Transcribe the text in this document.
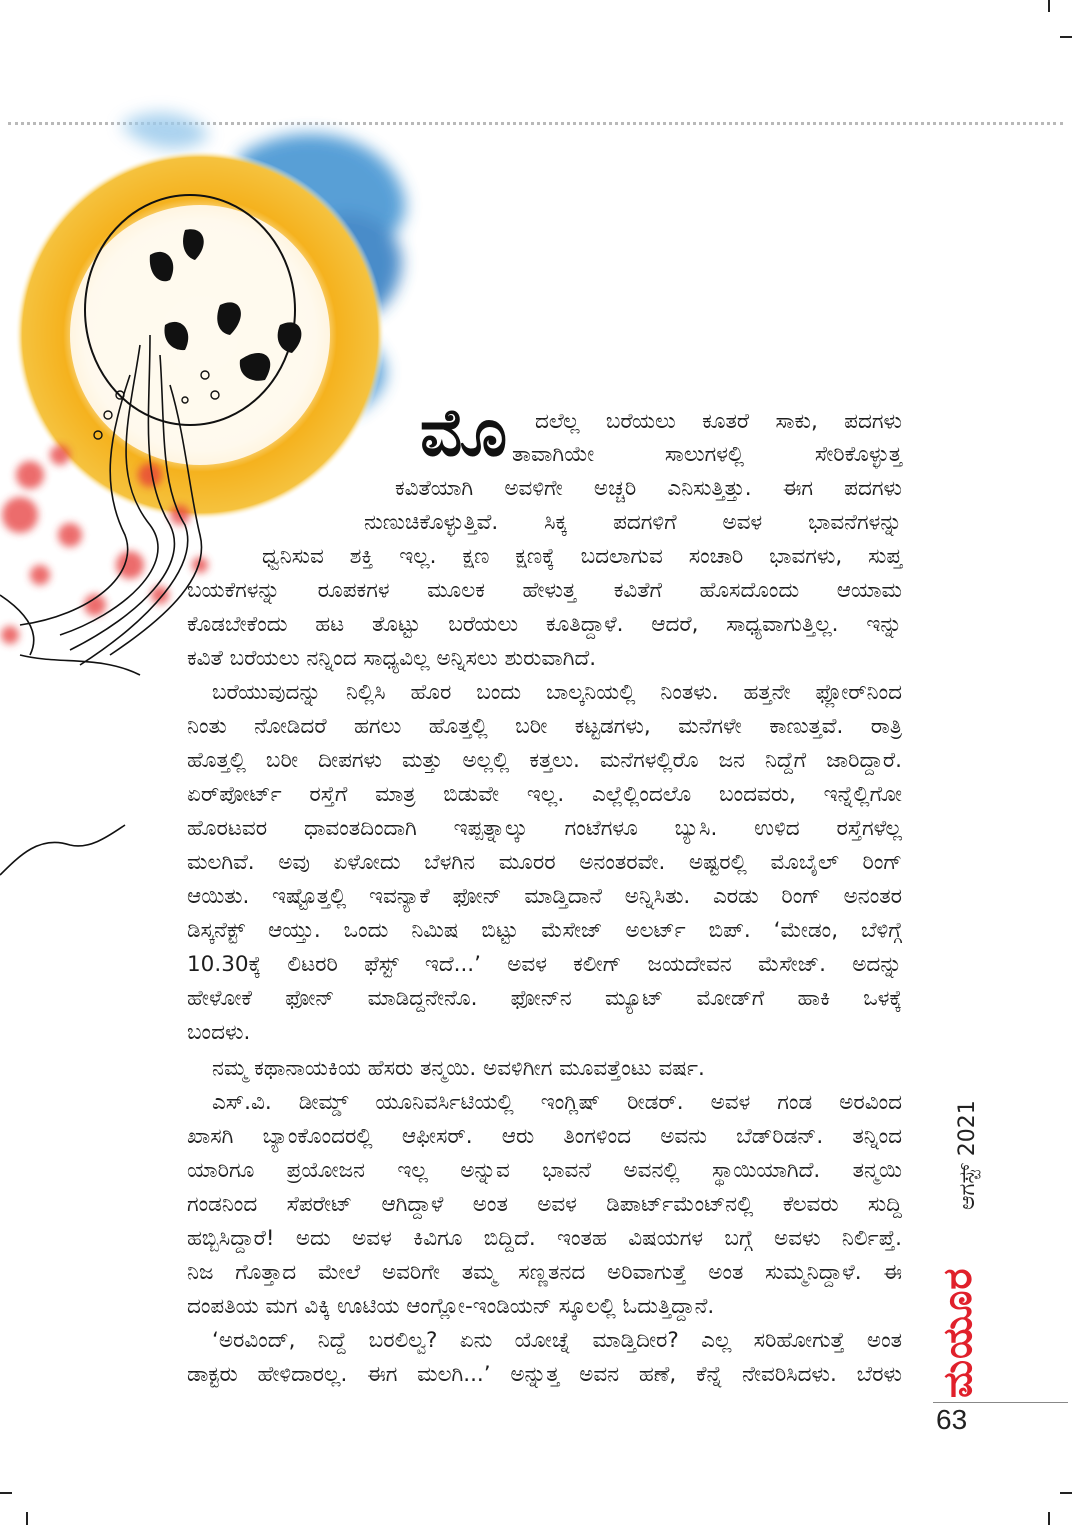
ಮೊ ದಲೆಲ್ಲ ಬರೆಯಲು ಕೂತರೆ ಸಾಕು, ಪದಗಳು
ತಾವಾಗಿಯೇ ಸಾಲುಗಳಲ್ಲಿ ಸೇರಿಕೊಳ್ಳುತ್ತ
ಕವಿತೆಯಾಗಿ ಅವಳಿಗೇ ಅಚ್ಚರಿ ಎನಿಸುತ್ತಿತ್ತು. ಈಗ ಪದಗಳು
ನುಣುಚಿಕೊಳ್ಳುತ್ತಿವೆ. ಸಿಕ್ಕ ಪದಗಳಿಗೆ ಅವಳ ಭಾವನೆಗಳನ್ನು
ಧ್ವನಿಸುವ ಶಕ್ತಿ ಇಲ್ಲ. ಕ್ಷಣ ಕ್ಷಣಕ್ಕೆ ಬದಲಾಗುವ ಸಂಚಾರಿ ಭಾವಗಳು, ಸುಪ್ತ
ಬಯಕೆಗಳನ್ನು ರೂಪಕಗಳ ಮೂಲಕ ಹೇಳುತ್ತ ಕವಿತೆಗೆ ಹೊಸದೊಂದು ಆಯಾಮ
ಕೊಡಬೇಕೆಂದು ಹಟ ತೊಟ್ಟು ಬರೆಯಲು ಕೂತಿದ್ದಾಳೆ. ಆದರೆ, ಸಾಧ್ಯವಾಗುತ್ತಿಲ್ಲ. ಇನ್ನು
ಕವಿತೆ ಬರೆಯಲು ನನ್ನಿಂದ ಸಾಧ್ಯವಿಲ್ಲ ಅನ್ನಿಸಲು ಶುರುವಾಗಿದೆ.
ಬರೆಯುವುದನ್ನು ನಿಲ್ಲಿಸಿ ಹೊರ ಬಂದು ಬಾಲ್ಕನಿಯಲ್ಲಿ ನಿಂತಳು. ಹತ್ತನೇ ಫ್ಲೋರ್‌ನಿಂದ
ನಿಂತು ನೋಡಿದರೆ ಹಗಲು ಹೊತ್ತಲ್ಲಿ ಬರೀ ಕಟ್ಟಡಗಳು, ಮನೆಗಳೇ ಕಾಣುತ್ತವೆ. ರಾತ್ರಿ
ಹೊತ್ತಲ್ಲಿ ಬರೀ ದೀಪಗಳು ಮತ್ತು ಅಲ್ಲಲ್ಲಿ ಕತ್ತಲು. ಮನೆಗಳಲ್ಲಿರೊ ಜನ ನಿದ್ದೆಗೆ ಜಾರಿದ್ದಾರೆ.
ಏರ್‌ಪೋರ್ಟ್ ರಸ್ತೆಗೆ ಮಾತ್ರ ಬಿಡುವೇ ಇಲ್ಲ. ಎಲ್ಲೆಲ್ಲಿಂದಲೊ ಬಂದವರು, ಇನ್ನೆಲ್ಲಿಗೋ
ಹೊರಟವರ ಧಾವಂತದಿಂದಾಗಿ ಇಪ್ಪತ್ನಾಲ್ಕು ಗಂಟೆಗಳೂ ಬ್ಯುಸಿ. ಉಳಿದ ರಸ್ತೆಗಳೆಲ್ಲ
ಮಲಗಿವೆ. ಅವು ಏಳೋದು ಬೆಳಗಿನ ಮೂರರ ಅನಂತರವೇ. ಅಷ್ಟರಲ್ಲಿ ಮೊಬೈಲ್ ರಿಂಗ್
ಆಯಿತು. ಇಷ್ಟೊತ್ತಲ್ಲಿ ಇವನ್ಯಾಕೆ ಫೋನ್ ಮಾಡ್ತಿದಾನೆ ಅನ್ನಿಸಿತು. ಎರಡು ರಿಂಗ್ ಅನಂತರ
ಡಿಸ್ಕನೆಕ್ಟ್ ಆಯ್ತು. ಒಂದು ನಿಮಿಷ ಬಿಟ್ಟು ಮೆಸೇಜ್ ಅಲರ್ಟ್ ಬಿಪ್. ‘ಮೇಡಂ, ಬೆಳಿಗ್ಗೆ
10.30ಕ್ಕೆ ಲಿಟರರಿ ಫೆಸ್ಟ್ ಇದೆ...’ ಅವಳ ಕಲೀಗ್ ಜಯದೇವನ ಮೆಸೇಜ್. ಅದನ್ನು
ಹೇಳೋಕೆ ಫೋನ್ ಮಾಡಿದ್ದನೇನೊ. ಫೋನ್‌ನ ಮ್ಯೂಟ್ ಮೋಡ್‌ಗೆ ಹಾಕಿ ಒಳಕ್ಕೆ
ಬಂದಳು.
ನಮ್ಮ ಕಥಾನಾಯಕಿಯ ಹೆಸರು ತನ್ಮಯಿ. ಅವಳಿಗೀಗ ಮೂವತ್ತೆಂಟು ವರ್ಷ.
ಎಸ್.ವಿ. ಡೀಮ್ಡ್ ಯೂನಿವರ್ಸಿಟಿಯಲ್ಲಿ ಇಂಗ್ಲಿಷ್ ರೀಡರ್. ಅವಳ ಗಂಡ ಅರವಿಂದ
ಖಾಸಗಿ ಬ್ಯಾಂಕೊಂದರಲ್ಲಿ ಆಫೀಸರ್. ಆರು ತಿಂಗಳಿಂದ ಅವನು ಬೆಡ್‌ರಿಡನ್. ತನ್ನಿಂದ
ಯಾರಿಗೂ ಪ್ರಯೋಜನ ಇಲ್ಲ ಅನ್ನುವ ಭಾವನೆ ಅವನಲ್ಲಿ ಸ್ಥಾಯಿಯಾಗಿದೆ. ತನ್ಮಯಿ
ಗಂಡನಿಂದ ಸೆಪರೇಟ್ ಆಗಿದ್ದಾಳೆ ಅಂತ ಅವಳ ಡಿಪಾರ್ಟ್‌ಮೆಂಟ್‌ನಲ್ಲಿ ಕೆಲವರು ಸುದ್ದಿ
ಹಬ್ಬಿಸಿದ್ದಾರೆ! ಅದು ಅವಳ ಕಿವಿಗೂ ಬಿದ್ದಿದೆ. ಇಂತಹ ವಿಷಯಗಳ ಬಗ್ಗೆ ಅವಳು ನಿರ್ಲಿಪ್ತೆ.
ನಿಜ ಗೊತ್ತಾದ ಮೇಲೆ ಅವರಿಗೇ ತಮ್ಮ ಸಣ್ಣತನದ ಅರಿವಾಗುತ್ತೆ ಅಂತ ಸುಮ್ಮನಿದ್ದಾಳೆ. ಈ
ದಂಪತಿಯ ಮಗ ವಿಕ್ಕಿ ಊಟಿಯ ಆಂಗ್ಲೋ-ಇಂಡಿಯನ್ ಸ್ಕೂಲಲ್ಲಿ ಓದುತ್ತಿದ್ದಾನೆ.
‘ಅರವಿಂದ್, ನಿದ್ದೆ ಬರಲಿಲ್ವ? ಏನು ಯೋಚ್ನೆ ಮಾಡ್ತಿದೀರ? ಎಲ್ಲ ಸರಿಹೋಗುತ್ತೆ ಅಂತ
ಡಾಕ್ಟರು ಹೇಳಿದಾರಲ್ಲ. ಈಗ ಮಲಗಿ...’ ಅನ್ನುತ್ತ ಅವನ ಹಣೆ, ಕೆನ್ನೆ ನೇವರಿಸಿದಳು. ಬೆರಳು
ಆಗಸ್ಟ್ 2021
ಮಯೂರ
63
